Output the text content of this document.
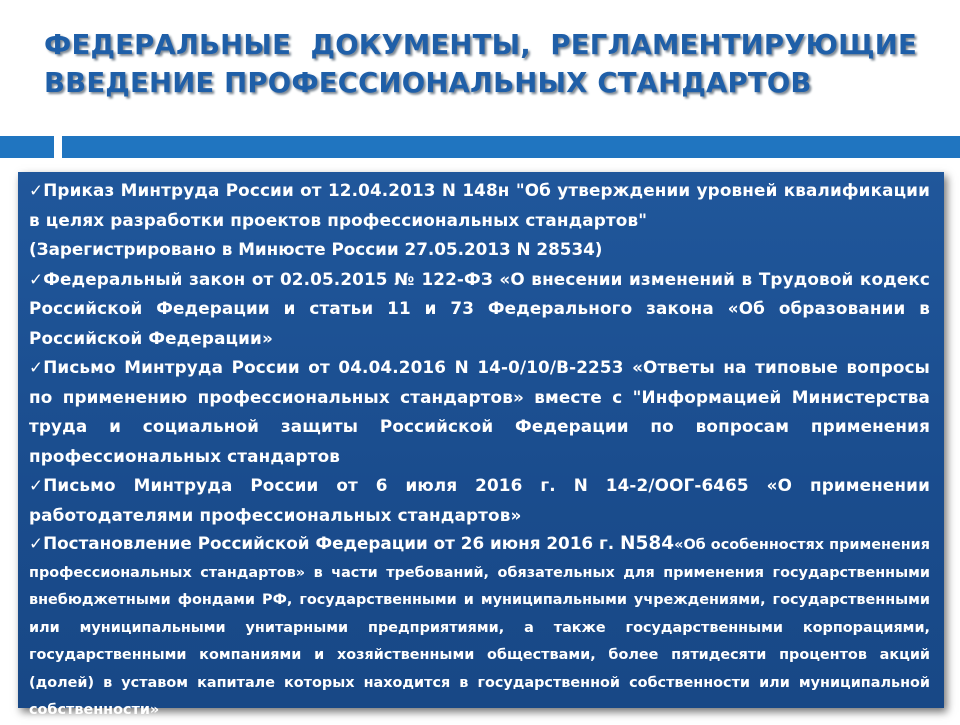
ФЕДЕРАЛЬНЫЕ ДОКУМЕНТЫ, РЕГЛАМЕНТИРУЮЩИЕ
ВВЕДЕНИЕ ПРОФЕССИОНАЛЬНЫХ СТАНДАРТОВ

✓Приказ Минтруда России от 12.04.2013 N 148н "Об утверждении уровней квалификации в целях разработки проектов профессиональных стандартов"

(Зарегистрировано в Минюсте России 27.05.2013 N 28534)

✓Федеральный закон от 02.05.2015 № 122-ФЗ «О внесении изменений в Трудовой кодекс Российской Федерации и статьи 11 и 73 Федерального закона «Об образовании в Российской Федерации»

✓Письмо Минтруда России от 04.04.2016 N 14-0/10/В-2253 «Ответы на типовые вопросы по применению профессиональных стандартов» вместе с "Информацией Министерства труда и социальной защиты Российской Федерации по вопросам применения профессиональных стандартов

✓Письмо Минтруда России от 6 июля 2016 г. N 14-2/ООГ-6465 «О применении работодателями профессиональных стандартов»

✓Постановление Российской Федерации от 26 июня 2016 г. N584«Об особенностях применения профессиональных стандартов» в части требований, обязательных для применения государственными внебюджетными фондами РФ, государственными и муниципальными учреждениями, государственными или муниципальными унитарными предприятиями, а также государственными корпорациями, государственными компаниями и хозяйственными обществами, более пятидесяти процентов акций (долей) в уставом капитале которых находится в государственной собственности или муниципальной собственности»
